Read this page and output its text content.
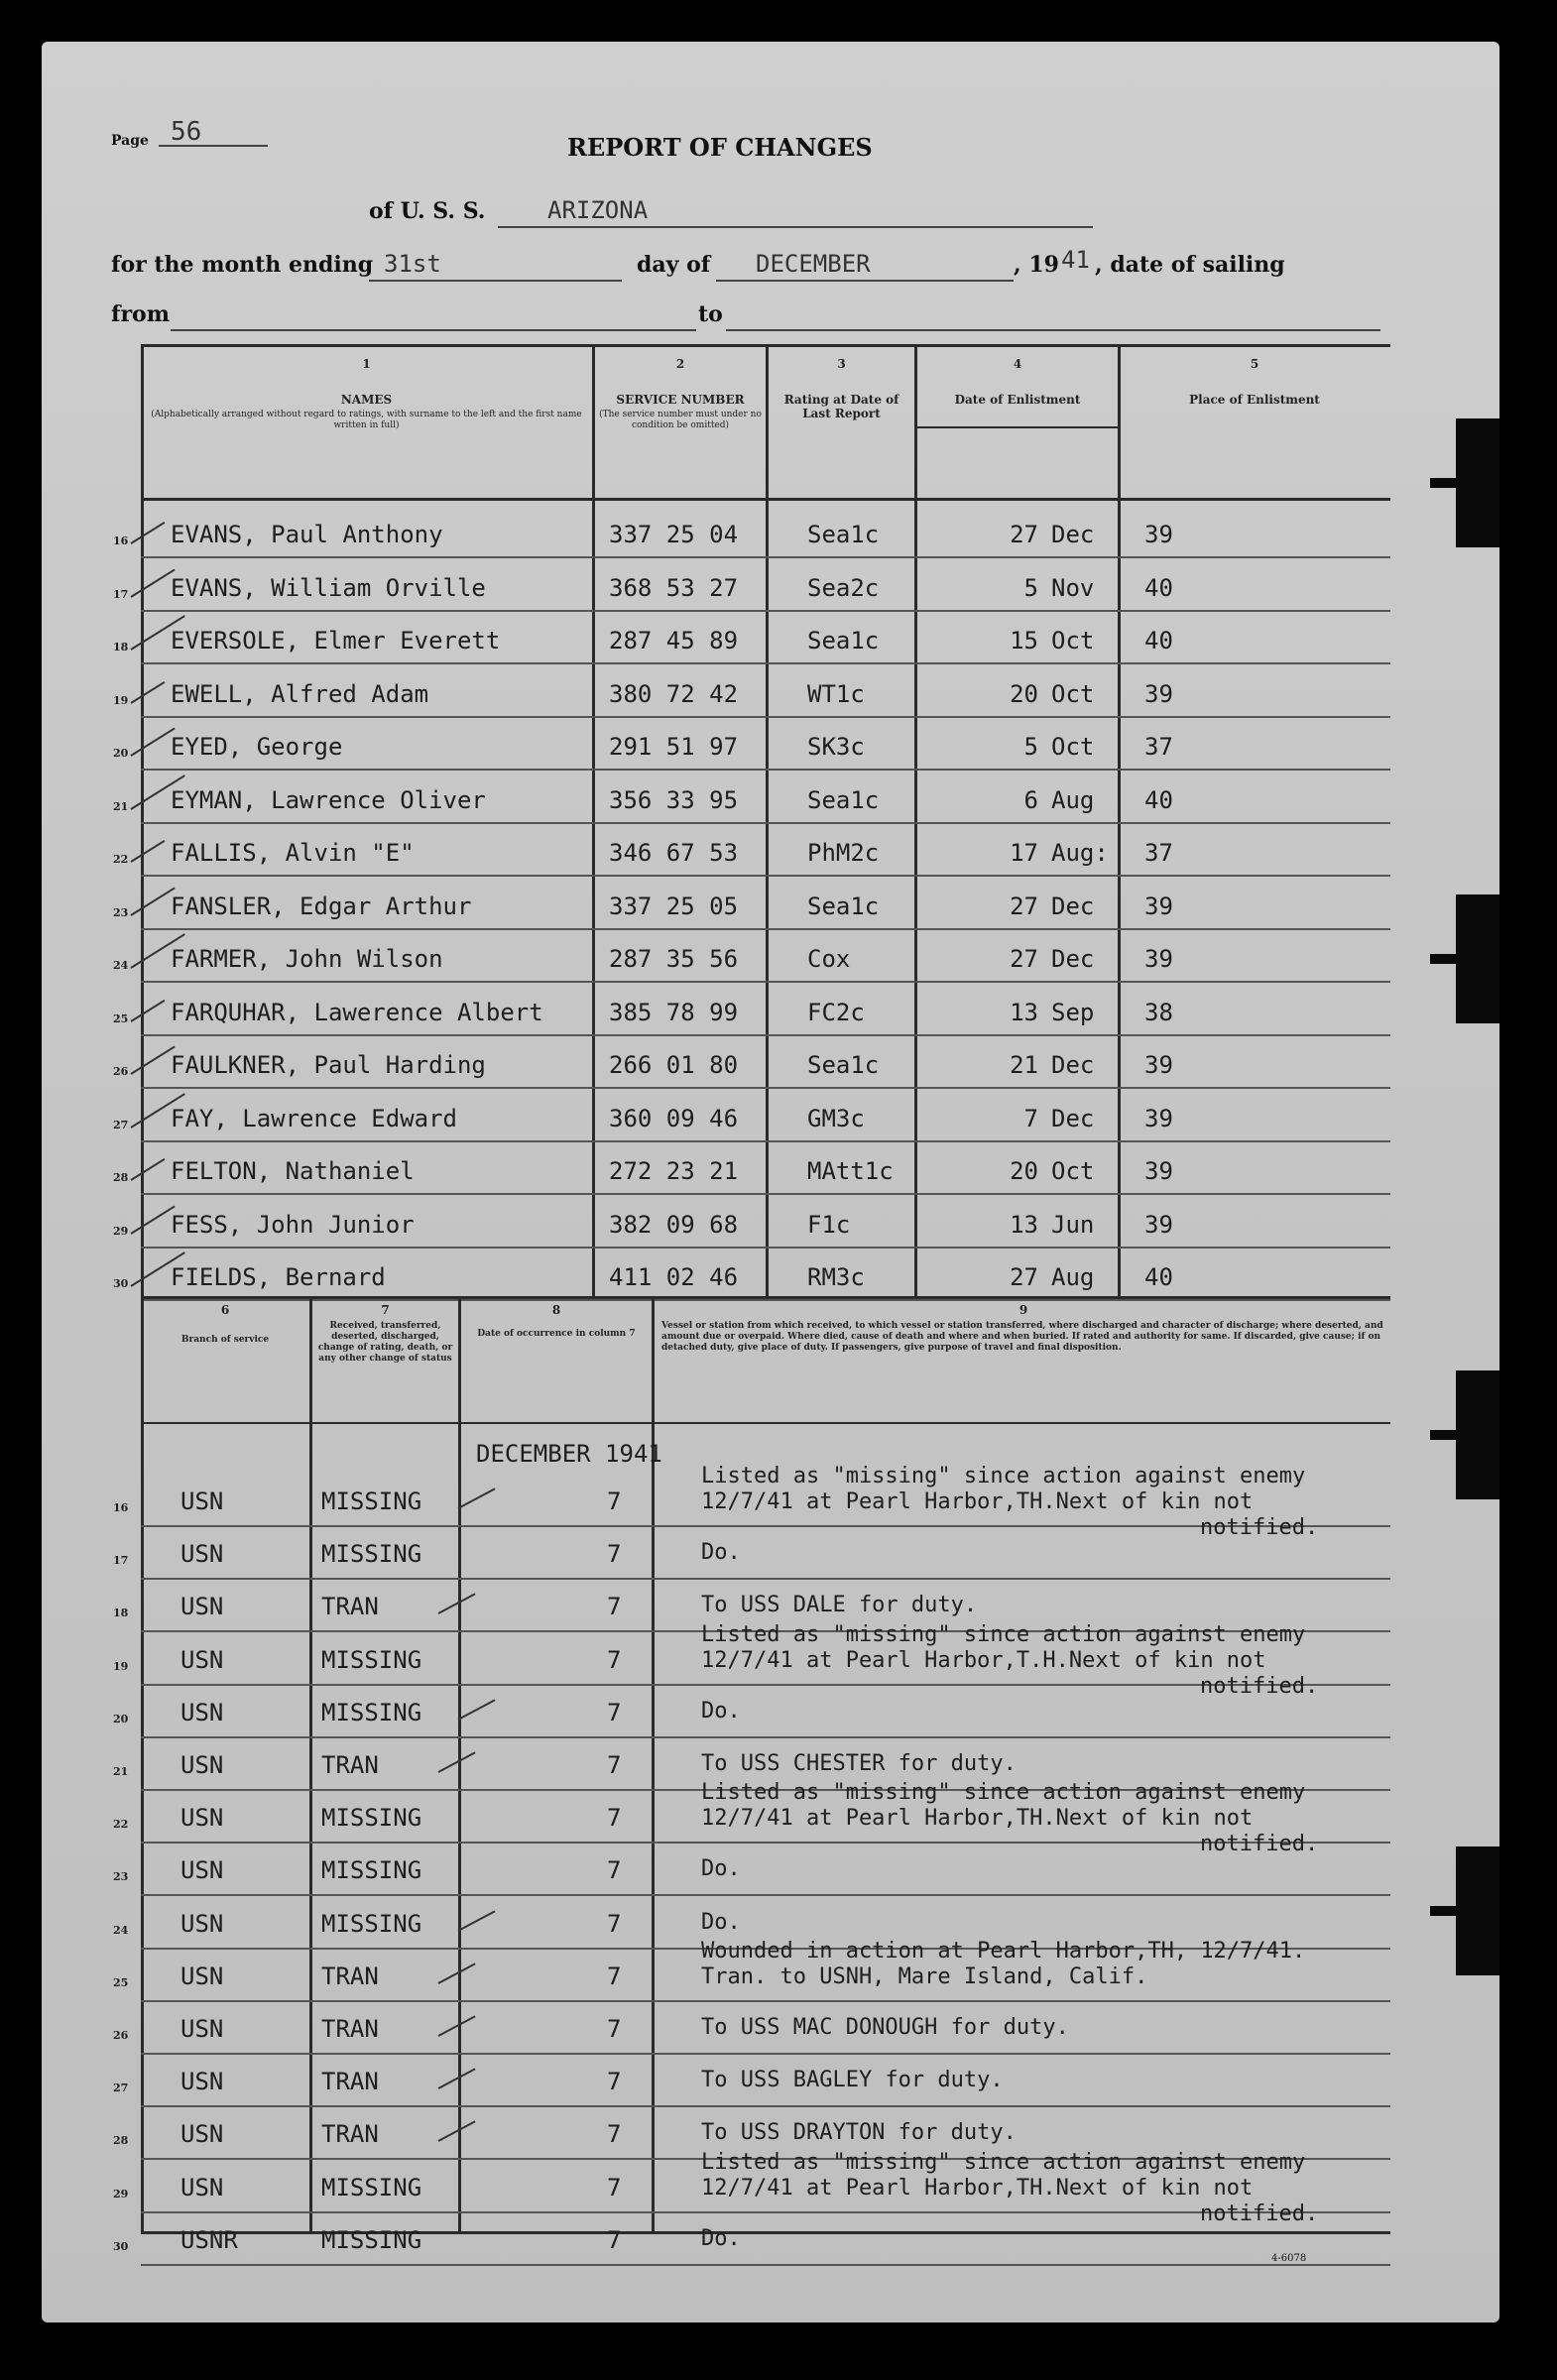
Page 56
REPORT OF CHANGES
of U. S. S.	ARIZONA
for the month ending 31st	day of DECEMBER	, 19 41 , date of sailing
from	to
1
NAMES
(Alphabetically arranged without regard to ratings, with surname to the left and the first name written in full)
2
SERVICE NUMBER
(The service number must under no condition be omitted)
3
Rating at Date of Last Report
4
Date of Enlistment
5
Place of Enlistment
16 EVANS, Paul Anthony	337 25 04	Sea1c	27 Dec 39
17 EVANS, William Orville	368 53 27	Sea2c	5 Nov 40
18 EVERSOLE, Elmer Everett	287 45 89	Sea1c	15 Oct 40
19 EWELL, Alfred Adam	380 72 42	WT1c	20 Oct 39
20 EYED, George	291 51 97	SK3c	5 Oct 37
21 EYMAN, Lawrence Oliver	356 33 95	Sea1c	6 Aug 40
22 FALLIS, Alvin "E"	346 67 53	PhM2c	17 Aug: 37
23 FANSLER, Edgar Arthur	337 25 05	Sea1c	27 Dec 39
24 FARMER, John Wilson	287 35 56	Cox	27 Dec 39
25 FARQUHAR, Lawerence Albert	385 78 99	FC2c	13 Sep 38
26 FAULKNER, Paul Harding	266 01 80	Sea1c	21 Dec 39
27 FAY, Lawrence Edward	360 09 46	GM3c	7 Dec 39
28 FELTON, Nathaniel	272 23 21	MAtt1c	20 Oct 39
29 FESS, John Junior	382 09 68	F1c	13 Jun 39
30 FIELDS, Bernard	411 02 46	RM3c	27 Aug 40
6
Branch of service
7
Received, transferred, deserted, discharged, change of rating, death, or any other change of status
8
Date of occurrence in column 7
9
Vessel or station from which received, to which vessel or station transferred, where discharged and character of discharge; where deserted, and amount due or overpaid. Where died, cause of death and where and when buried. If rated and authority for same. If discarded, give cause; if on detached duty, give place of duty. If passengers, give purpose of travel and final disposition.
DECEMBER 1941
16 USN	MISSING	7
Listed as "missing" since action against enemy
12/7/41 at Pearl Harbor,TH.Next of kin not
notified.
17 USN	MISSING	7	Do.
18 USN	TRAN	7	To USS DALE for duty.
19 USN	MISSING	7
Listed as "missing" since action against enemy
12/7/41 at Pearl Harbor,T.H.Next of kin not
notified.
20 USN	MISSING	7	Do.
21 USN	TRAN	7	To USS CHESTER for duty.
22 USN	MISSING	7
Listed as "missing" since action against enemy
12/7/41 at Pearl Harbor,TH.Next of kin not
notified.
23 USN	MISSING	7	Do.
24 USN	MISSING	7	Do.
25 USN	TRAN	7
Wounded in action at Pearl Harbor,TH, 12/7/41.
Tran. to USNH, Mare Island, Calif.
26 USN	TRAN	7	To USS MAC DONOUGH for duty.
27 USN	TRAN	7	To USS BAGLEY for duty.
28 USN	TRAN	7	To USS DRAYTON for duty.
29 USN	MISSING	7
Listed as "missing" since action against enemy
12/7/41 at Pearl Harbor,TH.Next of kin not
notified.
30 USNR	MISSING	7	Do.
4-6078
